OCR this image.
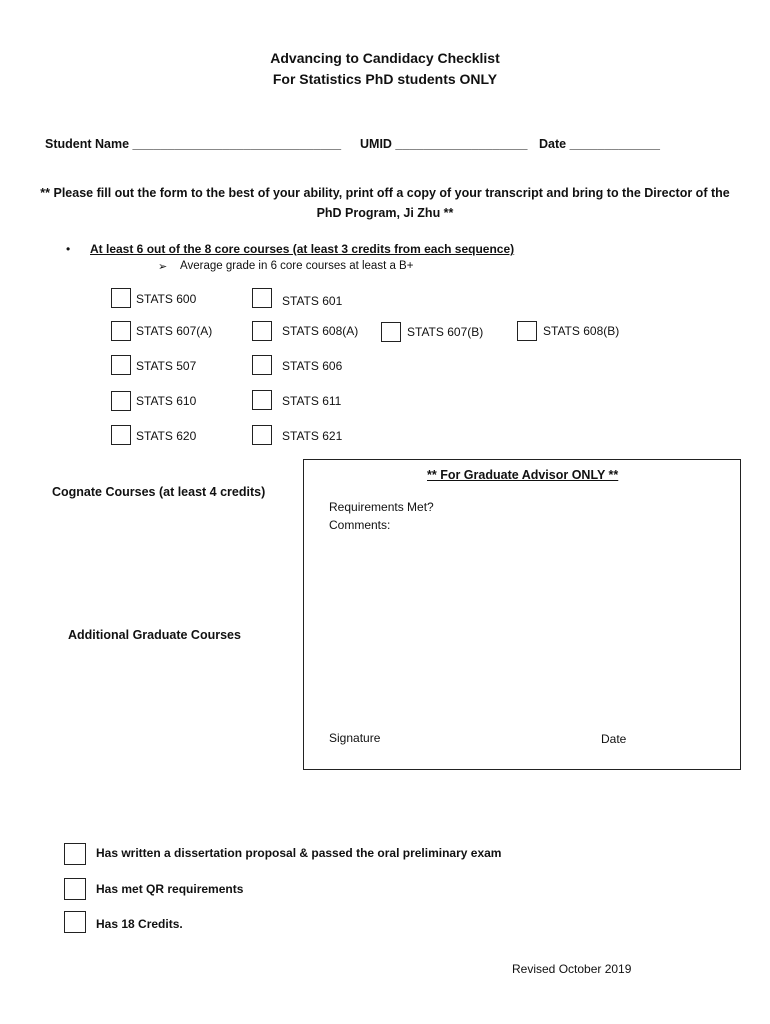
Advancing to Candidacy Checklist
For Statistics PhD students ONLY
Student Name ______________________________ UMID ___________________ Date _____________
** Please fill out the form to the best of your ability, print off a copy of your transcript and bring to the Director of the PhD Program, Ji Zhu **
• At least 6 out of the 8 core courses (at least 3 credits from each sequence)
➢ Average grade in 6 core courses at least a B+
STATS 600	STATS 601
STATS 607(A)	STATS 608(A)	STATS 607(B)	STATS 608(B)
STATS 507	STATS 606
STATS 610	STATS 611
STATS 620	STATS 621
Cognate Courses (at least 4 credits)
Additional Graduate Courses
** For Graduate Advisor ONLY **
Requirements Met?
Comments:
Signature	Date
Has written a dissertation proposal & passed the oral preliminary exam
Has met QR requirements
Has 18 Credits.
Revised October 2019
